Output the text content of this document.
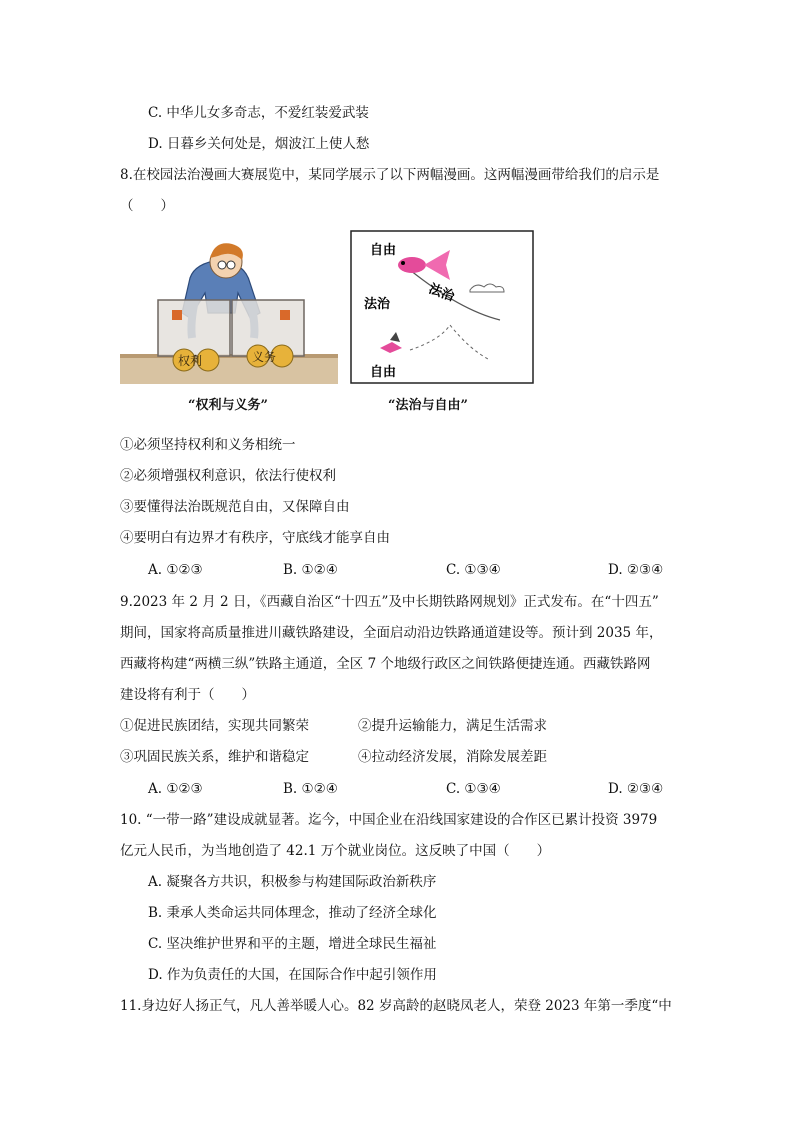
C. 中华儿女多奇志，不爱红装爱武装
D. 日暮乡关何处是，烟波江上使人愁
8.在校园法治漫画大赛展览中，某同学展示了以下两幅漫画。这两幅漫画带给我们的启示是
（　　）
权利	义务
自由
法治
法治
自由
“权利与义务”	“法治与自由”
①必须坚持权利和义务相统一
②必须增强权利意识，依法行使权利
③要懂得法治既规范自由，又保障自由
④要明白有边界才有秩序，守底线才能享自由
A. ①②③	B. ①②④	C. ①③④	D. ②③④
9.2023 年 2 月 2 日，《西藏自治区“十四五”及中长期铁路网规划》正式发布。在“十四五”
期间，国家将高质量推进川藏铁路建设，全面启动沿边铁路通道建设等。预计到 2035 年，
西藏将构建“两横三纵”铁路主通道，全区 7 个地级行政区之间铁路便捷连通。西藏铁路网
建设将有利于（　　）
①促进民族团结，实现共同繁荣	②提升运输能力，满足生活需求
③巩固民族关系，维护和谐稳定	④拉动经济发展，消除发展差距
A. ①②③	B. ①②④	C. ①③④	D. ②③④
10. “一带一路”建设成就显著。迄今，中国企业在沿线国家建设的合作区已累计投资 3979
亿元人民币，为当地创造了 42.1 万个就业岗位。这反映了中国（　　）
A. 凝聚各方共识，积极参与构建国际政治新秩序
B. 秉承人类命运共同体理念，推动了经济全球化
C. 坚决维护世界和平的主题，增进全球民生福祉
D. 作为负责任的大国，在国际合作中起引领作用
11.身边好人扬正气，凡人善举暖人心。82 岁高龄的赵晓凤老人，荣登 2023 年第一季度“中
